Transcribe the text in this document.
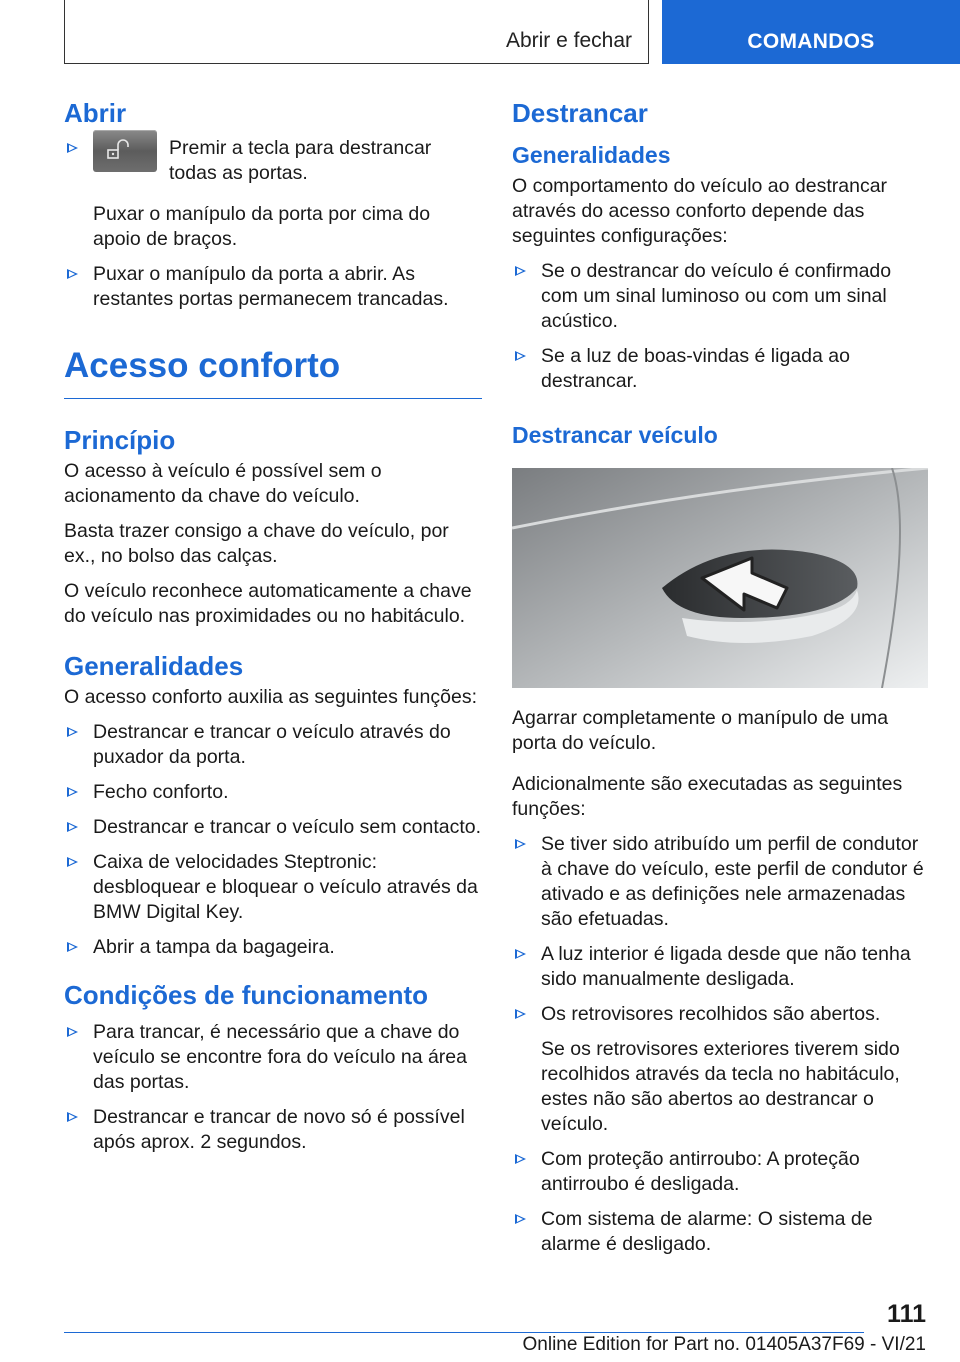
Abrir e fechar	COMANDOS
Abrir
Premir a tecla para destrancar todas as portas.
Puxar o manípulo da porta por cima do apoio de braços.
Puxar o manípulo da porta a abrir. As restantes portas permanecem trancadas.
Acesso conforto
Princípio

O acesso à veículo é possível sem o acionamento da chave do veículo.

Basta trazer consigo a chave do veículo, por ex., no bolso das calças.

O veículo reconhece automaticamente a chave do veículo nas proximidades ou no habitáculo.

Generalidades

O acesso conforto auxilia as seguintes funções:

Destrancar e trancar o veículo através do puxador da porta.
Fecho conforto.
Destrancar e trancar o veículo sem contacto.
Caixa de velocidades Steptronic: desbloquear e bloquear o veículo através da BMW Digital Key.
Abrir a tampa da bagageira.
Condições de funcionamento
Para trancar, é necessário que a chave do veículo se encontre fora do veículo na área das portas.
Destrancar e trancar de novo só é possível após aprox. 2 segundos.
Destrancar
Generalidades

O comportamento do veículo ao destrancar através do acesso conforto depende das seguintes configurações:

Se o destrancar do veículo é confirmado com um sinal luminoso ou com um sinal acústico.
Se a luz de boas-vindas é ligada ao destrancar.
Destrancar veículo

Agarrar completamente o manípulo de uma porta do veículo.

Adicionalmente são executadas as seguintes funções:

Se tiver sido atribuído um perfil de condutor à chave do veículo, este perfil de condutor é ativado e as definições nele armazenadas são efetuadas.
A luz interior é ligada desde que não tenha sido manualmente desligada.
Os retrovisores recolhidos são abertos.

Se os retrovisores exteriores tiverem sido recolhidos através da tecla no habitáculo, estes não são abertos ao destrancar o veículo.

Com proteção antirroubo: A proteção antirroubo é desligada.
Com sistema de alarme: O sistema de alarme é desligado.
111
Online Edition for Part no. 01405A37F69 - VI/21
